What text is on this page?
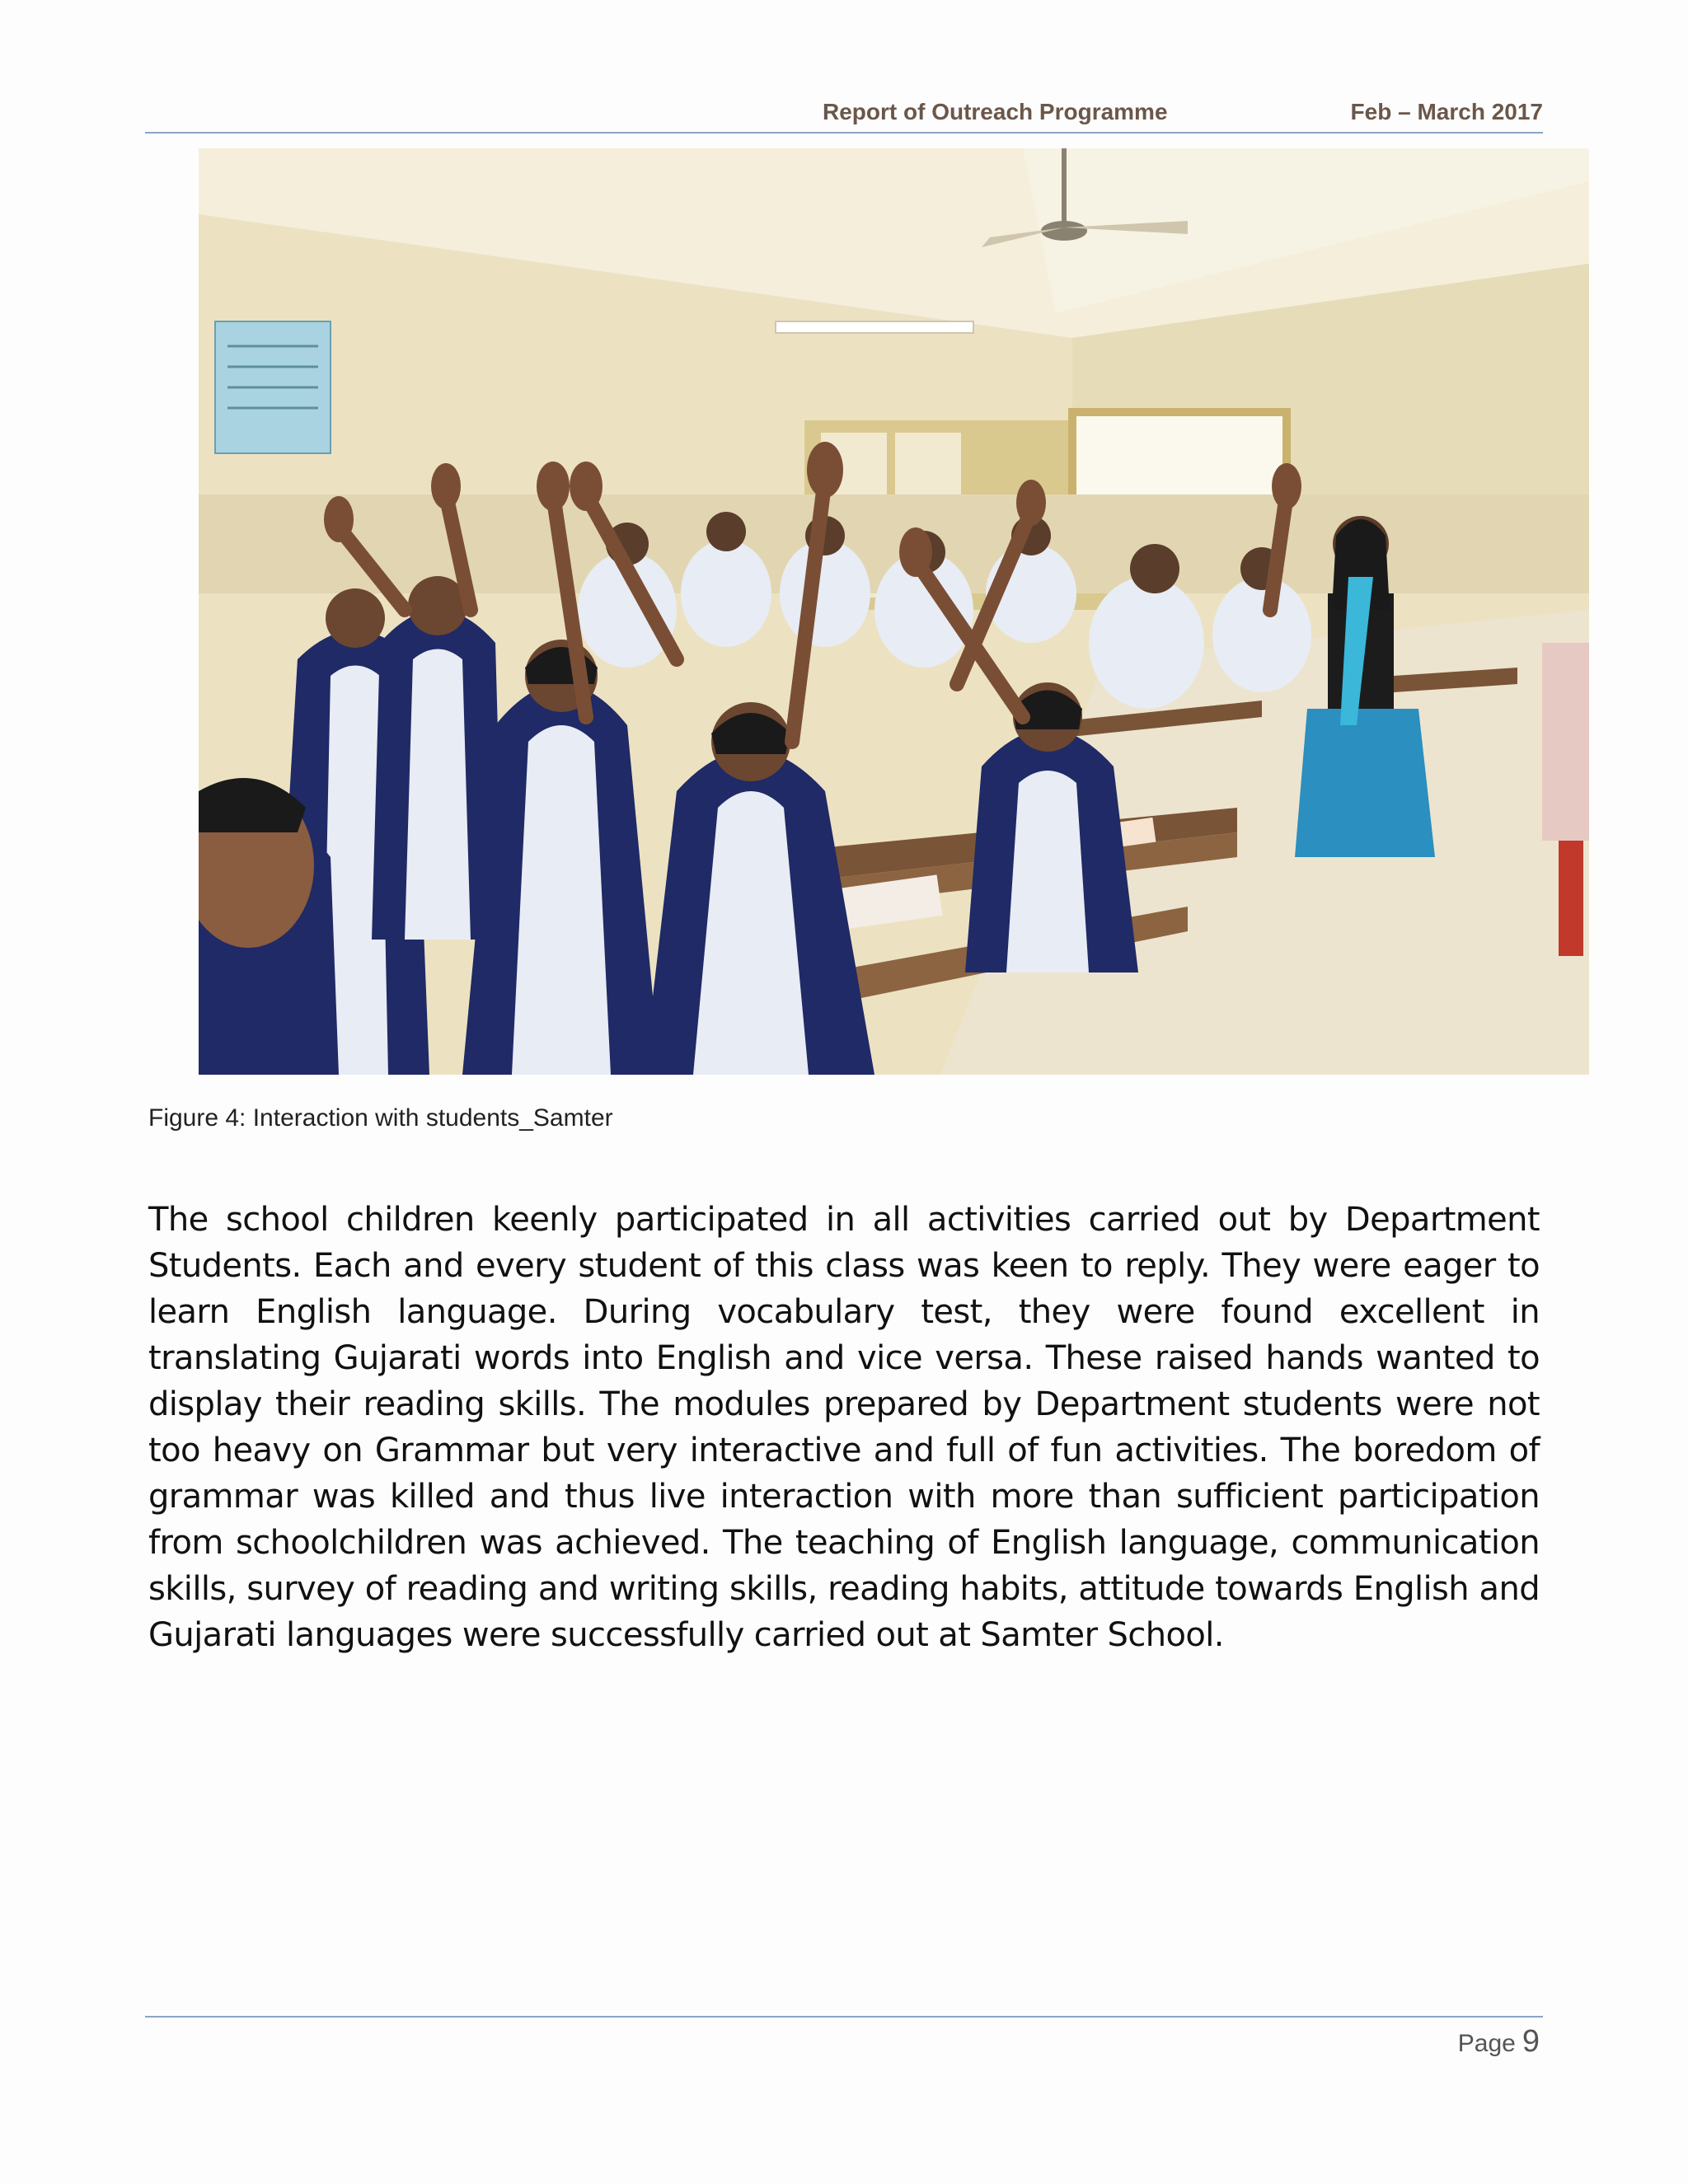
Report of Outreach Programme	Feb – March 2017
Figure 4: Interaction with students_Samter

The school children keenly participated in all activities carried out by Department Students. Each and every student of this class was keen to reply. They were eager to learn English language. During vocabulary test, they were found excellent in translating Gujarati words into English and vice versa. These raised hands wanted to display their reading skills. The modules prepared by Department students were not too heavy on Grammar but very interactive and full of fun activities. The boredom of grammar was killed and thus live interaction with more than sufficient participation from schoolchildren was achieved. The teaching of English language, communication skills, survey of reading and writing skills, reading habits, attitude towards English and Gujarati languages were successfully carried out at Samter School.

Page 9
